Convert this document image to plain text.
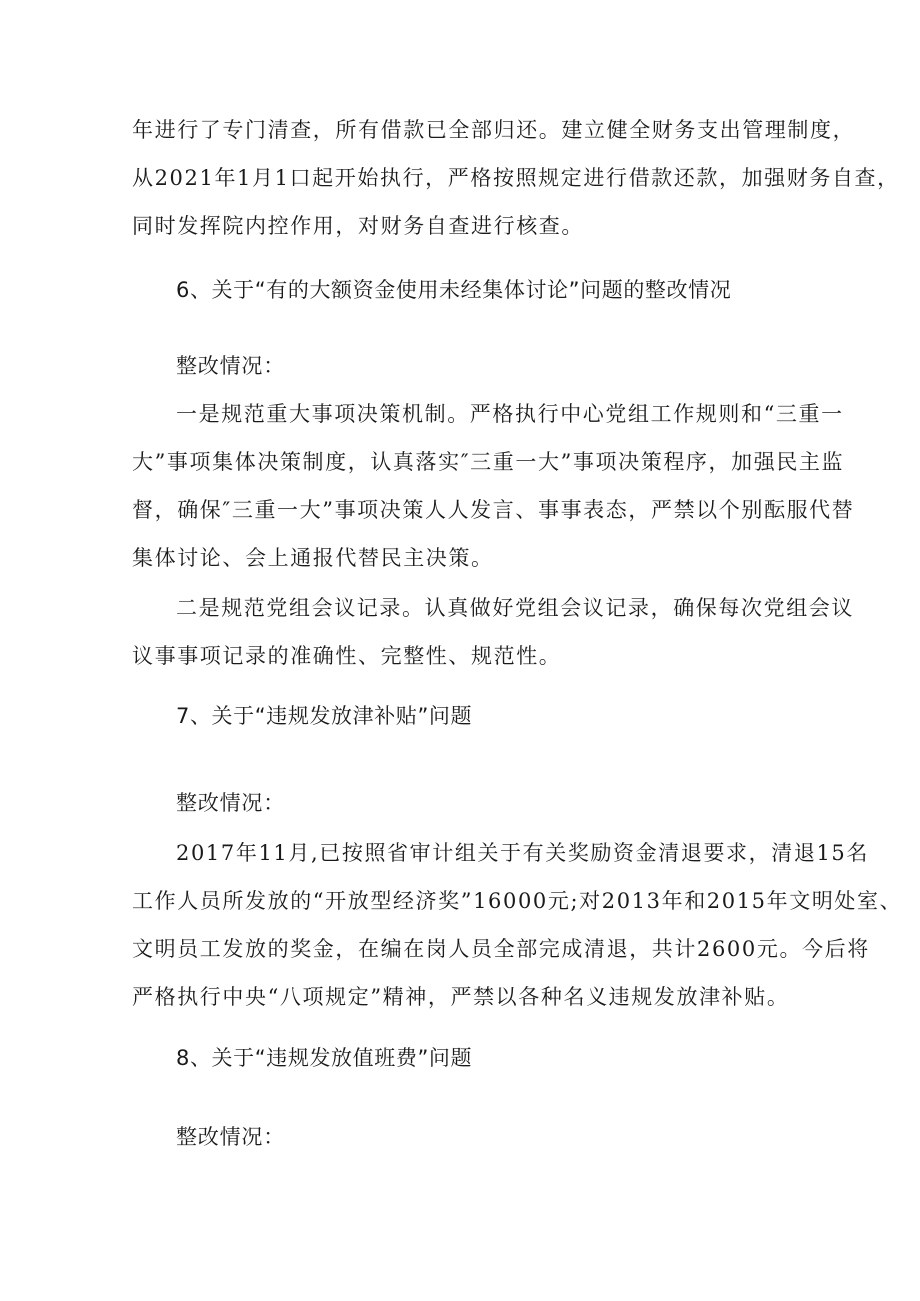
年进行了专门清查，所有借款已全部归还。建立健全财务支出管理制度，

从2021年1月1口起开始执行，严格按照规定进行借款还款，加强财务自查，

同时发挥院内控作用，对财务自查进行核查。

6、关于“有的大额资金使用未经集体讨论”问题的整改情况

整改情况：

一是规范重大事项决策机制。严格执行中心党组工作规则和“三重一

大”事项集体决策制度，认真落实″三重一大”事项决策程序，加强民主监

督，确保″三重一大”事项决策人人发言、事事表态，严禁以个别酝服代替

集体讨论、会上通报代替民主决策。

二是规范党组会议记录。认真做好党组会议记录，确保每次党组会议

议事事项记录的准确性、完整性、规范性。

7、关于“违规发放津补贴”问题

整改情况：

2017年11月,已按照省审计组关于有关奖励资金清退要求，清退15名

工作人员所发放的“开放型经济奖”16000元;对2013年和2015年文明处室、

文明员工发放的奖金，在编在岗人员全部完成清退，共计2600元。今后将

严格执行中央“八项规定”精神，严禁以各种名义违规发放津补贴。

8、关于“违规发放值班费”问题

整改情况：
